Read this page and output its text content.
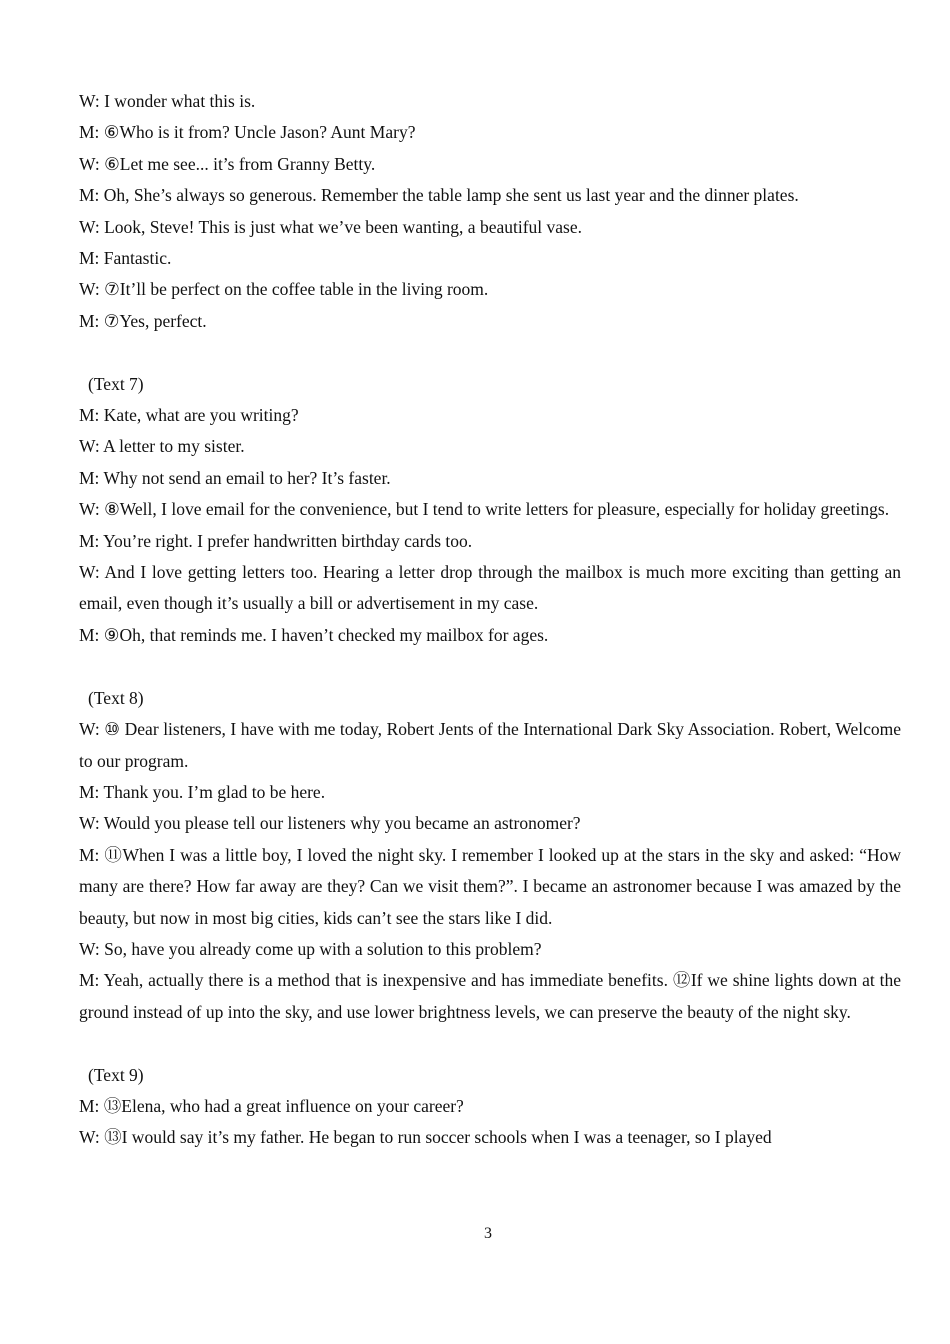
W: I wonder what this is.
M: ⑥Who is it from? Uncle Jason? Aunt Mary?
W: ⑥Let me see... it’s from Granny Betty.
M: Oh, She’s always so generous. Remember the table lamp she sent us last year and the dinner plates.
W: Look, Steve! This is just what we’ve been wanting, a beautiful vase.
M: Fantastic.
W: ⑦It’ll be perfect on the coffee table in the living room.
M: ⑦Yes, perfect.
(Text 7)
M: Kate, what are you writing?
W: A letter to my sister.
M: Why not send an email to her? It’s faster.
W: ⑧Well, I love email for the convenience, but I tend to write letters for pleasure, especially for holiday greetings.
M: You’re right. I prefer handwritten birthday cards too.
W: And I love getting letters too. Hearing a letter drop through the mailbox is much more exciting than getting an email, even though it’s usually a bill or advertisement in my case.
M: ⑨Oh, that reminds me. I haven’t checked my mailbox for ages.
(Text 8)
W: ⑩ Dear listeners, I have with me today, Robert Jents of the International Dark Sky Association. Robert, Welcome to our program.
M: Thank you. I’m glad to be here.
W: Would you please tell our listeners why you became an astronomer?
M: ⑪When I was a little boy, I loved the night sky. I remember I looked up at the stars in the sky and asked: “How many are there? How far away are they? Can we visit them?”. I became an astronomer because I was amazed by the beauty, but now in most big cities, kids can’t see the stars like I did.
W: So, have you already come up with a solution to this problem?
M: Yeah, actually there is a method that is inexpensive and has immediate benefits. ⑫If we shine lights down at the ground instead of up into the sky, and use lower brightness levels, we can preserve the beauty of the night sky.
(Text 9)
M: ⑬Elena, who had a great influence on your career?
W: ⑬I would say it’s my father. He began to run soccer schools when I was a teenager, so I played
3
